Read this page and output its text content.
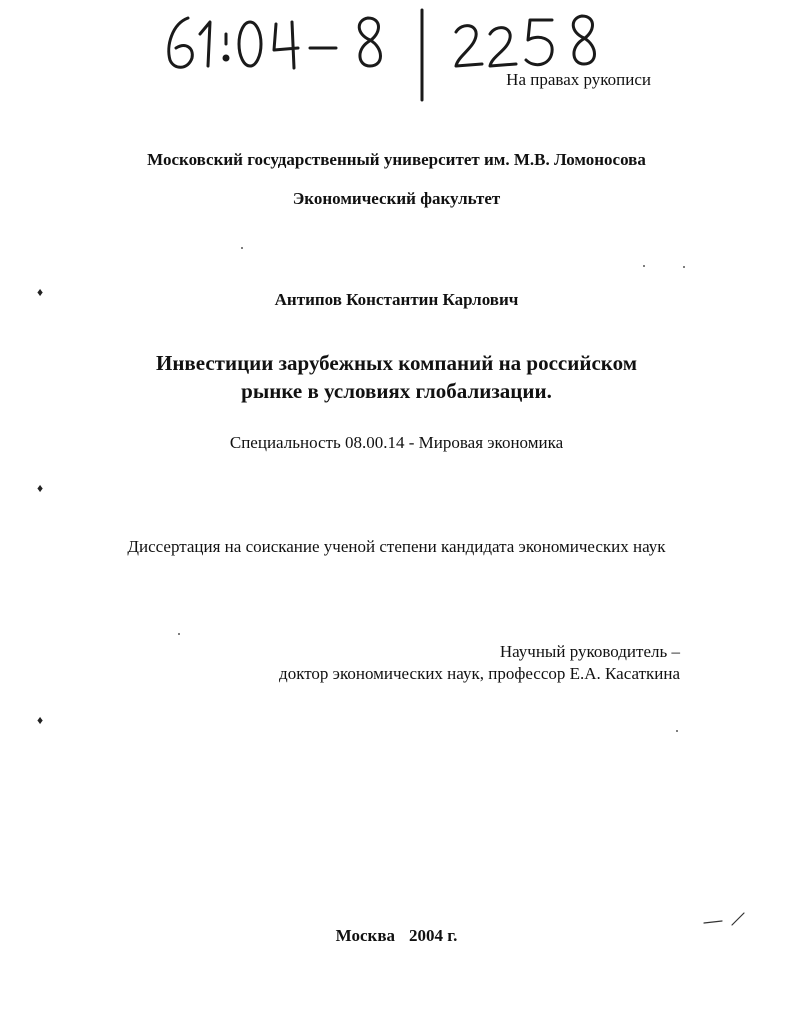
На правах рукописи
Московский государственный университет им. М.В. Ломоносова
Экономический факультет
Антипов Константин Карлович
Инвестиции зарубежных компаний на российском
рынке в условиях глобализации.
Специальность 08.00.14 - Мировая экономика
Диссертация на соискание ученой степени кандидата экономических наук
Научный руководитель –
доктор экономических наук, профессор Е.А. Касаткина
Москва 2004 г.
♦
♦
♦
